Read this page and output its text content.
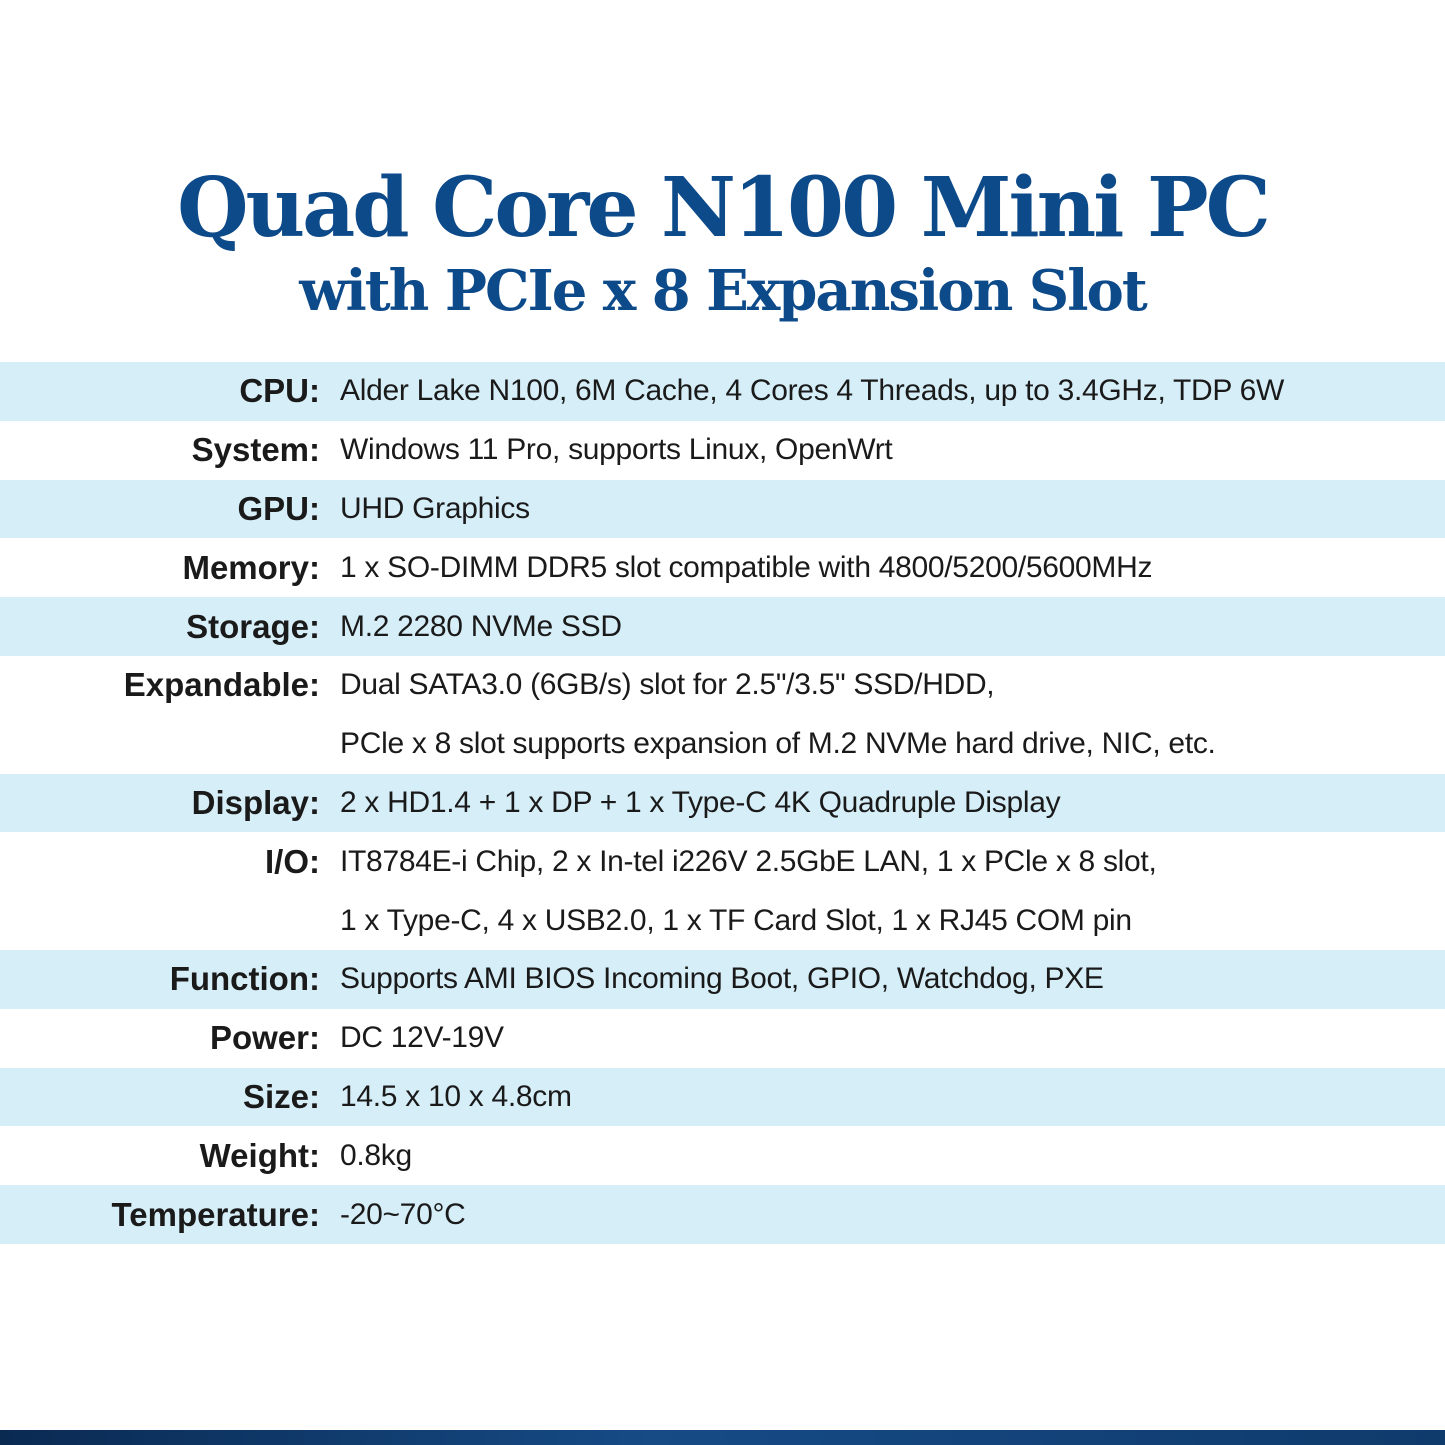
Quad Core N100 Mini PC
with PCIe x 8 Expansion Slot
CPU: Alder Lake N100, 6M Cache, 4 Cores 4 Threads, up to 3.4GHz, TDP 6W
System: Windows 11 Pro, supports Linux, OpenWrt
GPU: UHD Graphics
Memory: 1 x SO-DIMM DDR5 slot compatible with 4800/5200/5600MHz
Storage: M.2 2280 NVMe SSD
Expandable: Dual SATA3.0 (6GB/s) slot for 2.5"/3.5" SSD/HDD,
PCle x 8 slot supports expansion of M.2 NVMe hard drive, NIC, etc.
Display: 2 x HD1.4 + 1 x DP + 1 x Type-C 4K Quadruple Display
I/O: IT8784E-i Chip, 2 x In-tel i226V 2.5GbE LAN, 1 x PCle x 8 slot,
1 x Type-C, 4 x USB2.0, 1 x TF Card Slot, 1 x RJ45 COM pin
Function: Supports AMI BIOS Incoming Boot, GPIO, Watchdog, PXE
Power: DC 12V-19V
Size: 14.5 x 10 x 4.8cm
Weight: 0.8kg
Temperature: -20~70°C
